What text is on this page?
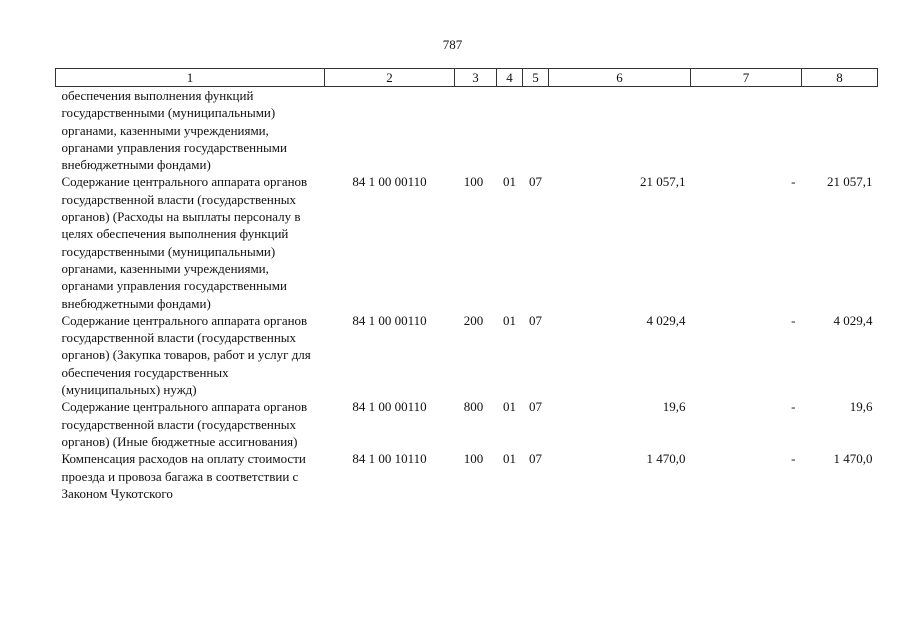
787
1	2	3	4	5	6	7	8
обеспечения выполнения функций государственными (муниципальными) органами, казенными учреждениями, органами управления государственными внебюджетными фондами)							
Содержание центрального аппарата органов государственной власти (государственных органов) (Расходы на выплаты персоналу в целях обеспечения выполнения функций государственными (муниципальными) органами, казенными учреждениями, органами управления государственными внебюджетными фондами)	84 1 00 00110	100	01	07	21 057,1	-	21 057,1
Содержание центрального аппарата органов государственной власти (государственных органов) (Закупка товаров, работ и услуг для обеспечения государственных (муниципальных) нужд)	84 1 00 00110	200	01	07	4 029,4	-	4 029,4
Содержание центрального аппарата органов государственной власти (государственных органов) (Иные бюджетные ассигнования)	84 1 00 00110	800	01	07	19,6	-	19,6
Компенсация расходов на оплату стоимости проезда и провоза багажа в соответствии с Законом Чукотского	84 1 00 10110	100	01	07	1 470,0	-	1 470,0
